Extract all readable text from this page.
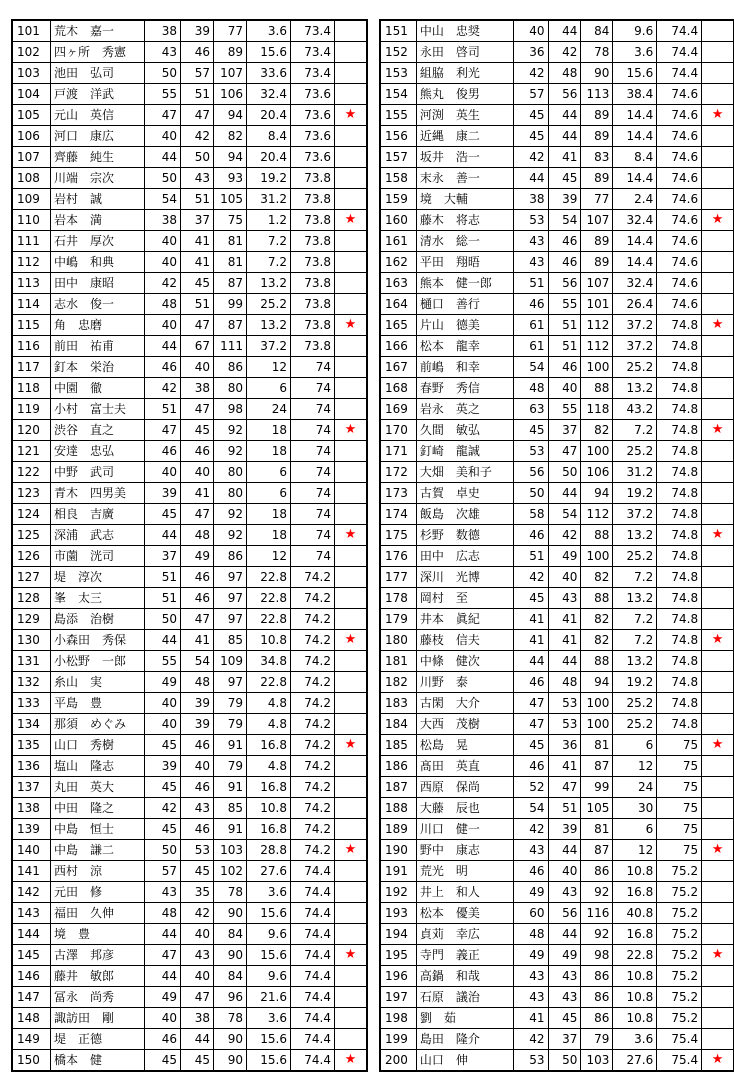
101	荒木　嘉一	38	39	77	3.6	73.4	
102	四ヶ所　秀憲	43	46	89	15.6	73.4	
103	池田　弘司	50	57	107	33.6	73.4	
104	戸渡　洋武	55	51	106	32.4	73.6	
105	元山　英信	47	47	94	20.4	73.6	★
106	河口　康広	40	42	82	8.4	73.6	
107	齊藤　純生	44	50	94	20.4	73.6	
108	川端　宗次	50	43	93	19.2	73.8	
109	岩村　誠	54	51	105	31.2	73.8	
110	岩本　満	38	37	75	1.2	73.8	★
111	石井　厚次	40	41	81	7.2	73.8	
112	中嶋　和典	40	41	81	7.2	73.8	
113	田中　康昭	42	45	87	13.2	73.8	
114	志水　俊一	48	51	99	25.2	73.8	
115	角　忠磨	40	47	87	13.2	73.8	★
116	前田　祐甫	44	67	111	37.2	73.8	
117	釘本　栄治	46	40	86	12	74	
118	中園　徹	42	38	80	6	74	
119	小村　富士夫	51	47	98	24	74	
120	渋谷　直之	47	45	92	18	74	★
121	安達　忠弘	46	46	92	18	74	
122	中野　武司	40	40	80	6	74	
123	青木　四男美	39	41	80	6	74	
124	相良　吉廣	45	47	92	18	74	
125	深浦　武志	44	48	92	18	74	★
126	市薗　洸司	37	49	86	12	74	
127	堤　淳次	51	46	97	22.8	74.2	
128	峯　太三	51	46	97	22.8	74.2	
129	島添　治樹	50	47	97	22.8	74.2	
130	小森田　秀保	44	41	85	10.8	74.2	★
131	小松野　一郎	55	54	109	34.8	74.2	
132	糸山　実	49	48	97	22.8	74.2	
133	平島　豊	40	39	79	4.8	74.2	
134	那須　めぐみ	40	39	79	4.8	74.2	
135	山口　秀樹	45	46	91	16.8	74.2	★
136	塩山　隆志	39	40	79	4.8	74.2	
137	丸田　英大	45	46	91	16.8	74.2	
138	中田　隆之	42	43	85	10.8	74.2	
139	中島　恒士	45	46	91	16.8	74.2	
140	中島　謙二	50	53	103	28.8	74.2	★
141	西村　涼	57	45	102	27.6	74.4	
142	元田　修	43	35	78	3.6	74.4	
143	福田　久伸	48	42	90	15.6	74.4	
144	境　豊	44	40	84	9.6	74.4	
145	古澤　邦彦	47	43	90	15.6	74.4	★
146	藤井　敏郎	44	40	84	9.6	74.4	
147	冨永　尚秀	49	47	96	21.6	74.4	
148	諏訪田　剛	40	38	78	3.6	74.4	
149	堤　正德	46	44	90	15.6	74.4	
150	橋本　健	45	45	90	15.6	74.4	★
151	中山　忠奨	40	44	84	9.6	74.4	
152	永田　啓司	36	42	78	3.6	74.4	
153	組脇　利光	42	48	90	15.6	74.4	
154	熊丸　俊男	57	56	113	38.4	74.6	
155	河渕　英生	45	44	89	14.4	74.6	★
156	近縄　康二	45	44	89	14.4	74.6	
157	坂井　浩一	42	41	83	8.4	74.6	
158	末永　善一	44	45	89	14.4	74.6	
159	境　大輔	38	39	77	2.4	74.6	
160	藤木　将志	53	54	107	32.4	74.6	★
161	清水　総一	43	46	89	14.4	74.6	
162	平田　翔晤	43	46	89	14.4	74.6	
163	熊本　健一郎	51	56	107	32.4	74.6	
164	樋口　善行	46	55	101	26.4	74.6	
165	片山　德美	61	51	112	37.2	74.8	★
166	松本　龍幸	61	51	112	37.2	74.8	
167	前嶋　和幸	54	46	100	25.2	74.8	
168	春野　秀信	48	40	88	13.2	74.8	
169	岩永　英之	63	55	118	43.2	74.8	
170	久間　敏弘	45	37	82	7.2	74.8	★
171	釘崎　龍誠	53	47	100	25.2	74.8	
172	大畑　美和子	56	50	106	31.2	74.8	
173	古賀　卓史	50	44	94	19.2	74.8	
174	飯島　次雄	58	54	112	37.2	74.8	
175	杉野　数德	46	42	88	13.2	74.8	★
176	田中　広志	51	49	100	25.2	74.8	
177	深川　光博	42	40	82	7.2	74.8	
178	岡村　至	45	43	88	13.2	74.8	
179	井本　眞紀	41	41	82	7.2	74.8	
180	藤枝　信夫	41	41	82	7.2	74.8	★
181	中條　健次	44	44	88	13.2	74.8	
182	川野　泰	46	48	94	19.2	74.8	
183	古閑　大介	47	53	100	25.2	74.8	
184	大西　茂樹	47	53	100	25.2	74.8	
185	松島　晃	45	36	81	6	75	★
186	髙田　英直	46	41	87	12	75	
187	西原　保尚	52	47	99	24	75	
188	大藤　辰也	54	51	105	30	75	
189	川口　健一	42	39	81	6	75	
190	野中　康志	43	44	87	12	75	★
191	荒光　明	46	40	86	10.8	75.2	
192	井上　和人	49	43	92	16.8	75.2	
193	松本　優美	60	56	116	40.8	75.2	
194	貞苅　幸広	48	44	92	16.8	75.2	
195	寺門　義正	49	49	98	22.8	75.2	★
196	高鍋　和哉	43	43	86	10.8	75.2	
197	石原　議治	43	43	86	10.8	75.2	
198	劉　茹	41	45	86	10.8	75.2	
199	島田　隆介	42	37	79	3.6	75.4	
200	山口　伸	53	50	103	27.6	75.4	★
